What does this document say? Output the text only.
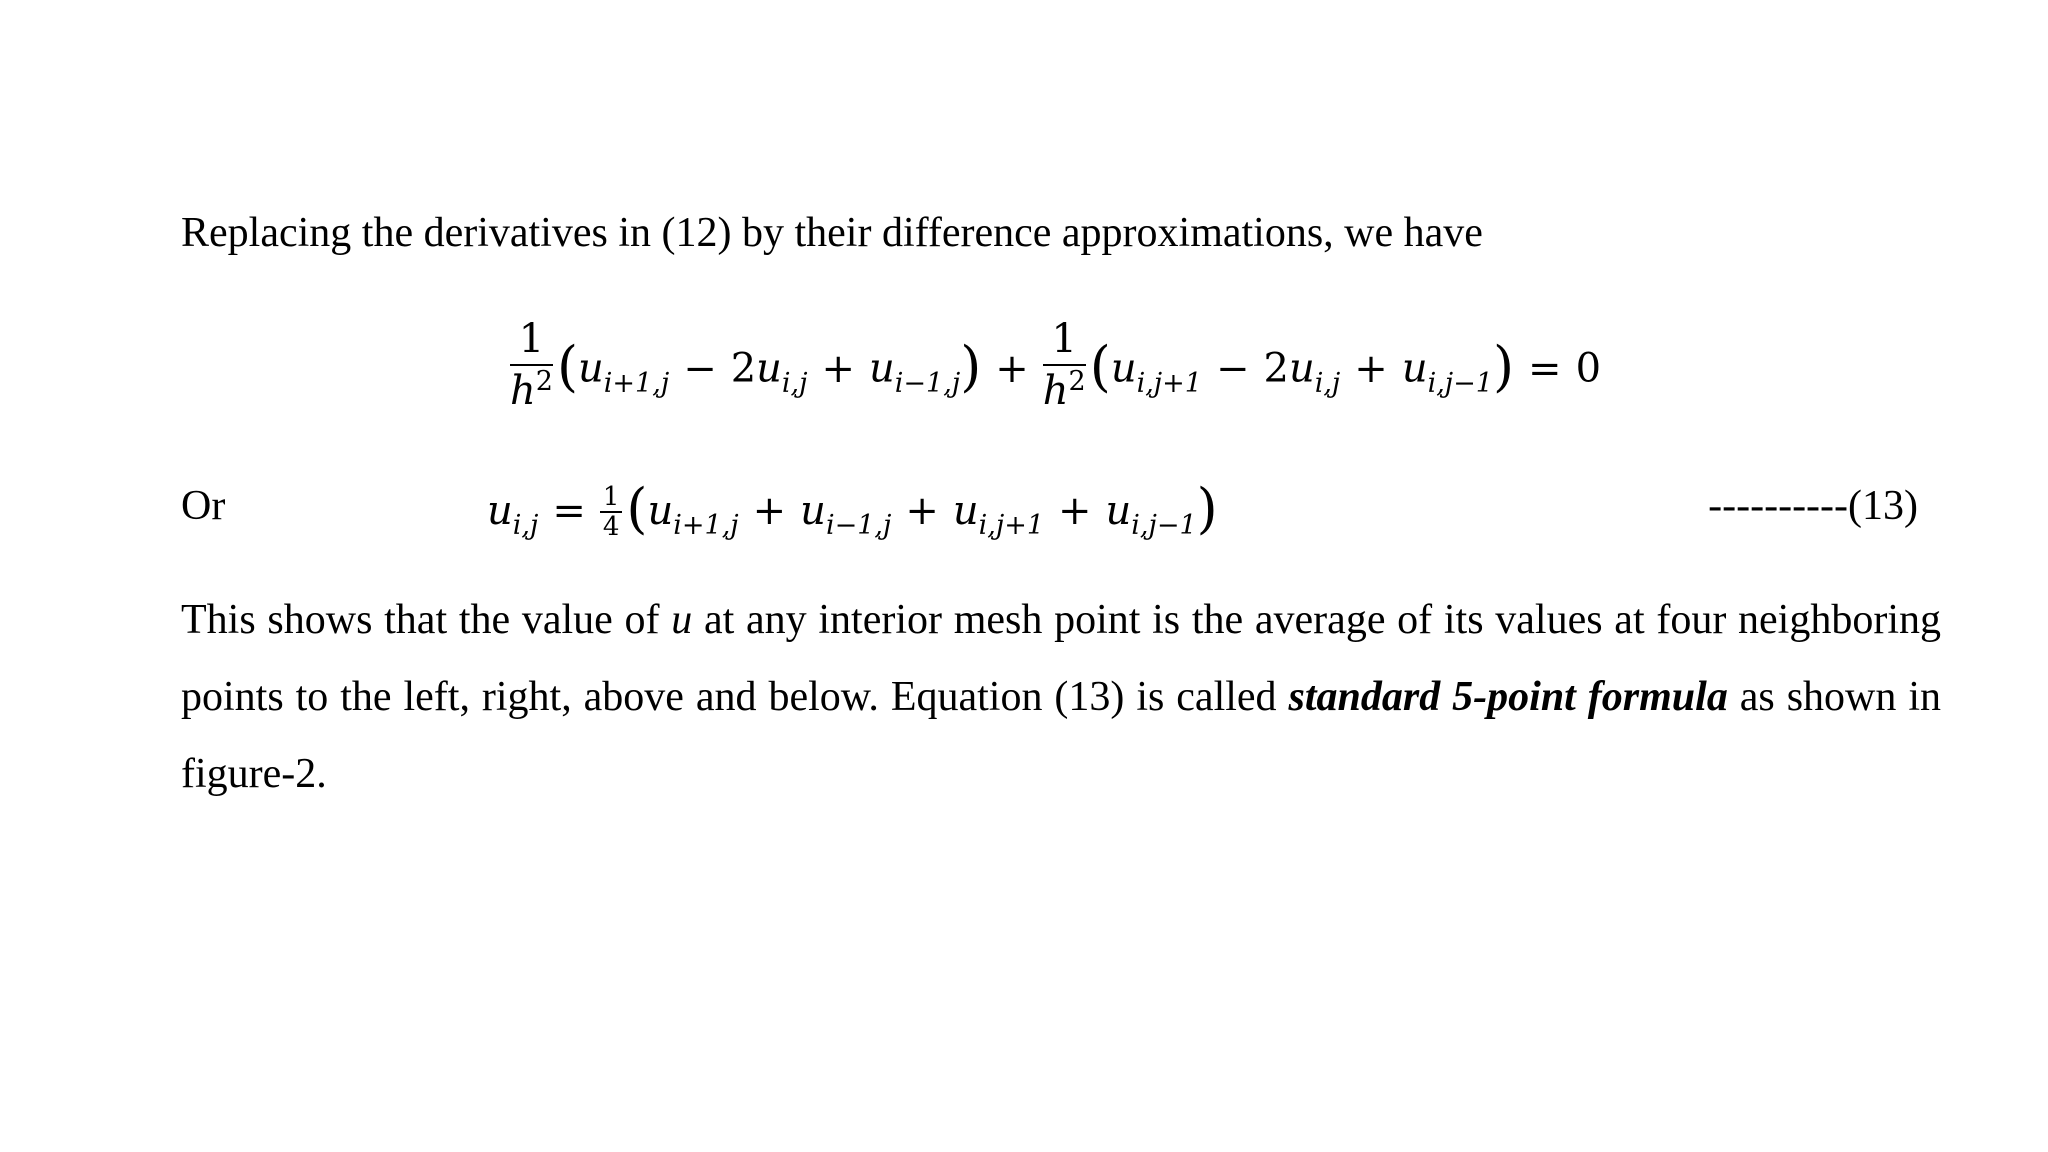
Replacing the derivatives in (12) by their difference approximations, we have
$\frac{1}{h^2} (u_{i+1,j} - 2u_{i,j} + u_{i-1,j}) + \frac{1}{h^2} (u_{i,j+1} - 2u_{i,j} + u_{i,j-1}) = 0$
Or	$u_{i,j} = \frac{1}{4} (u_{i+1,j} + u_{i-1,j} + u_{i,j+1} + u_{i,j-1})$	----------(13)
This shows that the value of u at any interior mesh point is the average of its values at four neighboring points to the left, right, above and below. Equation (13) is called standard 5-point formula as shown in figure-2.
